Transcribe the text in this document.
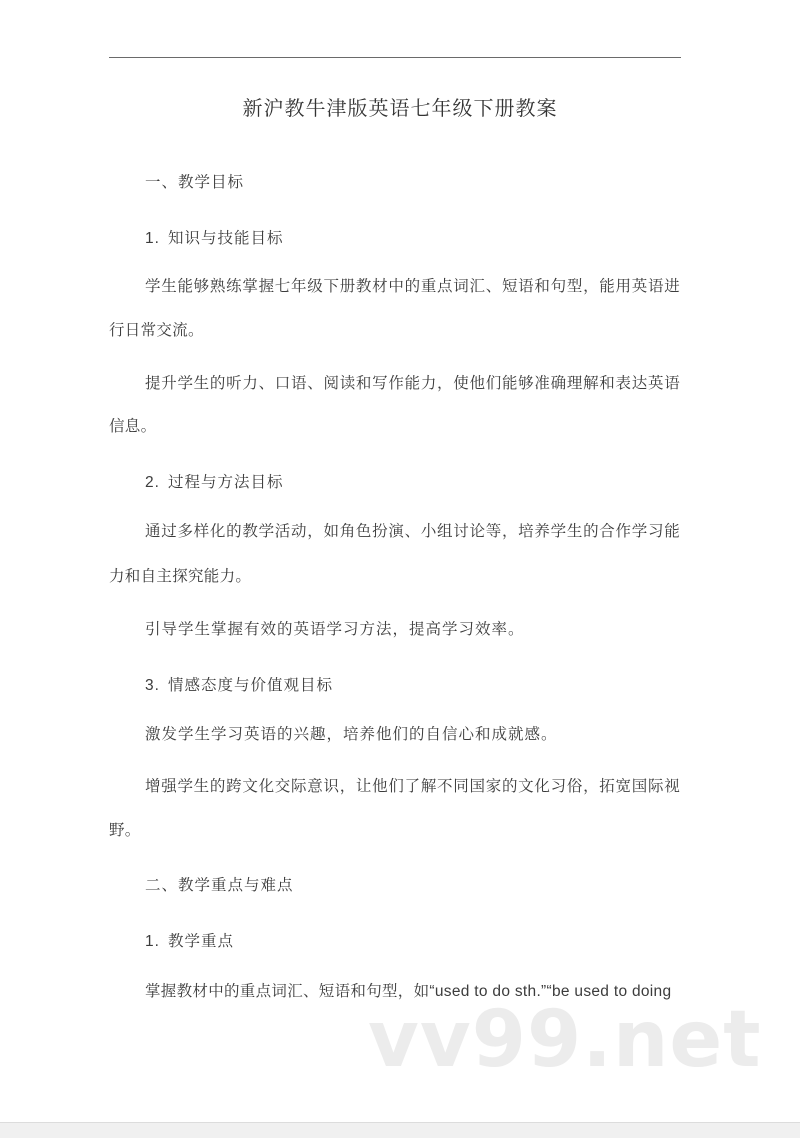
新沪教牛津版英语七年级下册教案
一、教学目标
1. 知识与技能目标
学生能够熟练掌握七年级下册教材中的重点词汇、短语和句型，能用英语进
行日常交流。
提升学生的听力、口语、阅读和写作能力，使他们能够准确理解和表达英语
信息。
2. 过程与方法目标
通过多样化的教学活动，如角色扮演、小组讨论等，培养学生的合作学习能
力和自主探究能力。
引导学生掌握有效的英语学习方法，提高学习效率。
3. 情感态度与价值观目标
激发学生学习英语的兴趣，培养他们的自信心和成就感。
增强学生的跨文化交际意识，让他们了解不同国家的文化习俗，拓宽国际视
野。
二、教学重点与难点
1. 教学重点
掌握教材中的重点词汇、短语和句型，如“used to do sth.”“be used to doing
vv99.net
